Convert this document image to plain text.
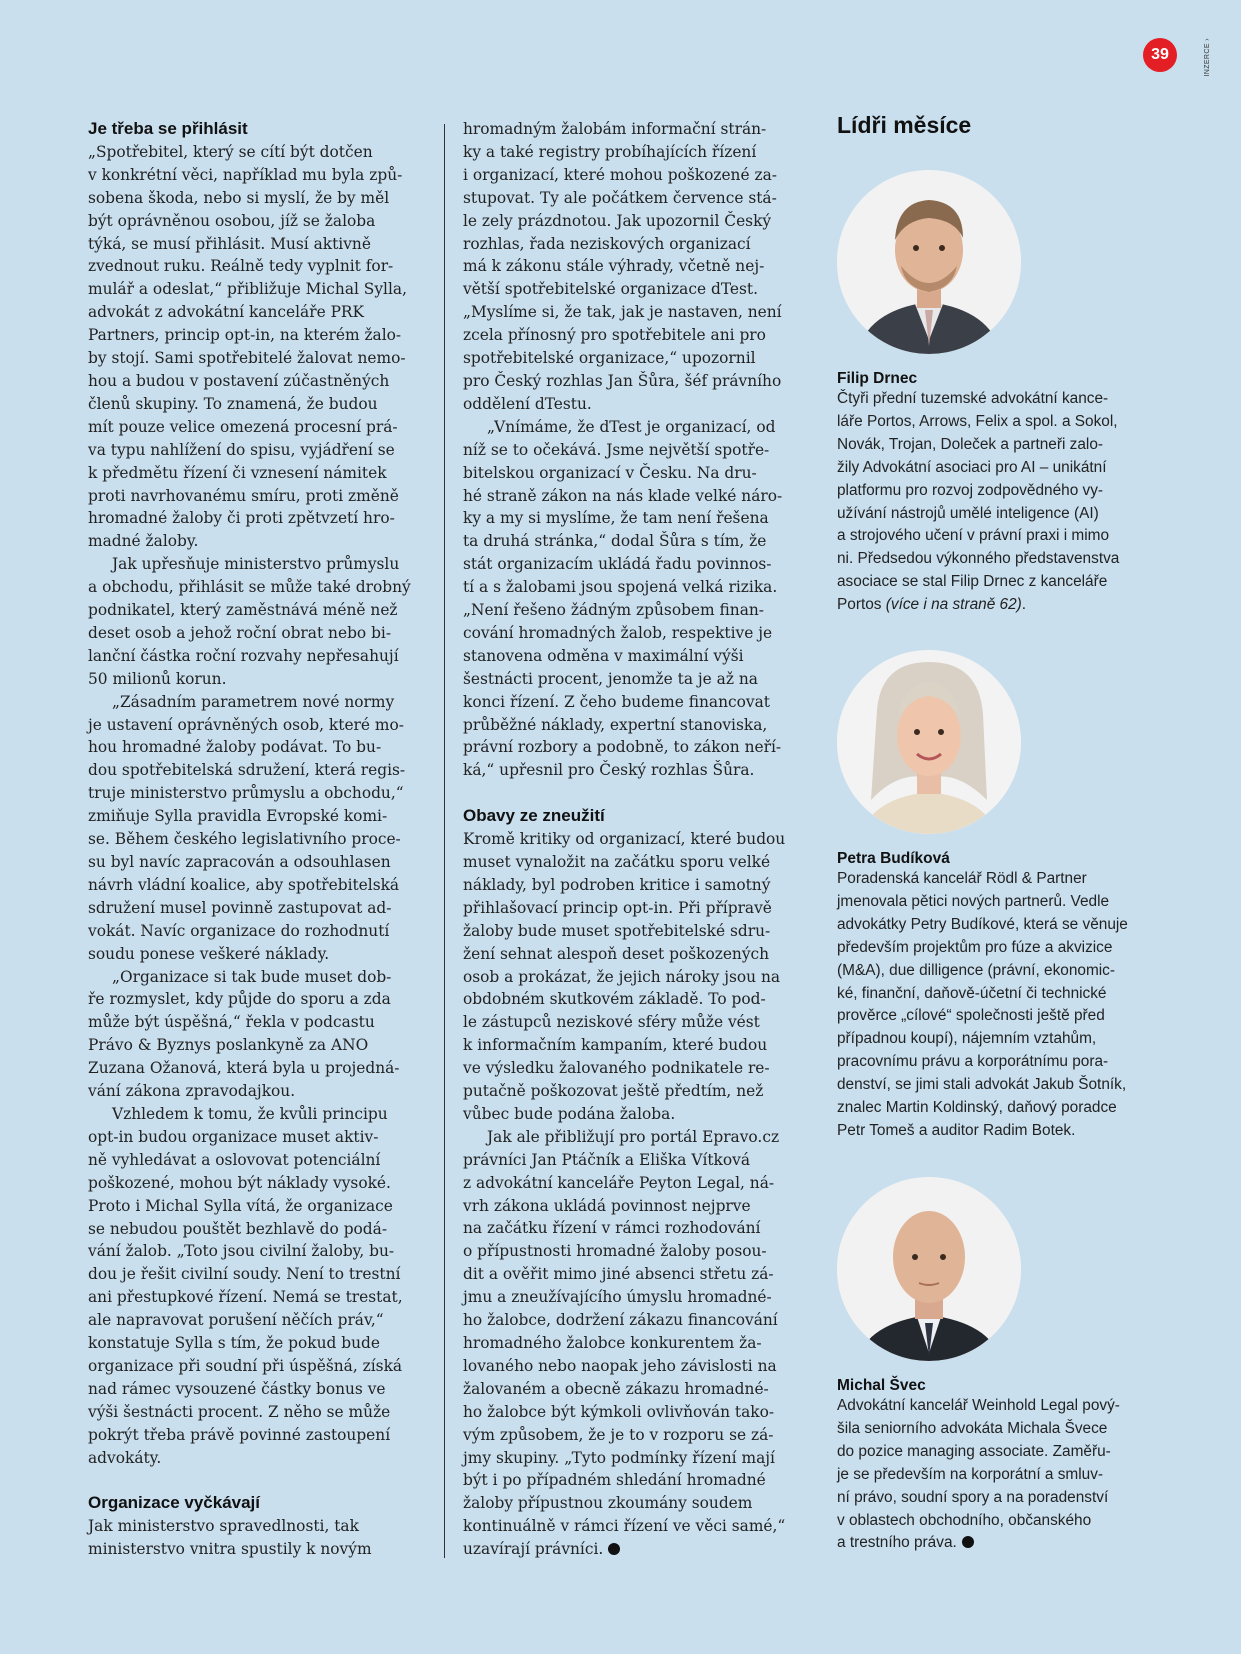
39	INZERCE ›
Je třeba se přihlásit
„Spotřebitel, který se cítí být dotčen
v konkrétní věci, například mu byla způ-
sobena škoda, nebo si myslí, že by měl
být oprávněnou osobou, jíž se žaloba
týká, se musí přihlásit. Musí aktivně
zvednout ruku. Reálně tedy vyplnit for-
mulář a odeslat,“ přibližuje Michal Sylla,
advokát z advokátní kanceláře PRK
Partners, princip opt-in, na kterém žalo-
by stojí. Sami spotřebitelé žalovat nemo-
hou a budou v postavení zúčastněných
členů skupiny. To znamená, že budou
mít pouze velice omezená procesní prá-
va typu nahlížení do spisu, vyjádření se
k předmětu řízení či vznesení námitek
proti navrhovanému smíru, proti změně
hromadné žaloby či proti zpětvzetí hro-
madné žaloby.
Jak upřesňuje ministerstvo průmyslu
a obchodu, přihlásit se může také drobný
podnikatel, který zaměstnává méně než
deset osob a jehož roční obrat nebo bi-
lanční částka roční rozvahy nepřesahují
50 milionů korun.
„Zásadním parametrem nové normy
je ustavení oprávněných osob, které mo-
hou hromadné žaloby podávat. To bu-
dou spotřebitelská sdružení, která regis-
truje ministerstvo průmyslu a obchodu,“
zmiňuje Sylla pravidla Evropské komi-
se. Během českého legislativního proce-
su byl navíc zapracován a odsouhlasen
návrh vládní koalice, aby spotřebitelská
sdružení musel povinně zastupovat ad-
vokát. Navíc organizace do rozhodnutí
soudu ponese veškeré náklady.
„Organizace si tak bude muset dob-
ře rozmyslet, kdy půjde do sporu a zda
může být úspěšná,“ řekla v podcastu
Právo & Byznys poslankyně za ANO
Zuzana Ožanová, která byla u projedná-
vání zákona zpravodajkou.
Vzhledem k tomu, že kvůli principu
opt-in budou organizace muset aktiv-
ně vyhledávat a oslovovat potenciální
poškozené, mohou být náklady vysoké.
Proto i Michal Sylla vítá, že organizace
se nebudou pouštět bezhlavě do podá-
vání žalob. „Toto jsou civilní žaloby, bu-
dou je řešit civilní soudy. Není to trestní
ani přestupkové řízení. Nemá se trestat,
ale napravovat porušení něčích práv,“
konstatuje Sylla s tím, že pokud bude
organizace při soudní při úspěšná, získá
nad rámec vysouzené částky bonus ve
výši šestnácti procent. Z něho se může
pokrýt třeba právě povinné zastoupení
advokáty.
Organizace vyčkávají
Jak ministerstvo spravedlnosti, tak
ministerstvo vnitra spustily k novým
hromadným žalobám informační strán-
ky a také registry probíhajících řízení
i organizací, které mohou poškozené za-
stupovat. Ty ale počátkem července stá-
le zely prázdnotou. Jak upozornil Český
rozhlas, řada neziskových organizací
má k zákonu stále výhrady, včetně nej-
větší spotřebitelské organizace dTest.
„Myslíme si, že tak, jak je nastaven, není
zcela přínosný pro spotřebitele ani pro
spotřebitelské organizace,“ upozornil
pro Český rozhlas Jan Šůra, šéf právního
oddělení dTestu.
„Vnímáme, že dTest je organizací, od
níž se to očekává. Jsme největší spotře-
bitelskou organizací v Česku. Na dru-
hé straně zákon na nás klade velké náro-
ky a my si myslíme, že tam není řešena
ta druhá stránka,“ dodal Šůra s tím, že
stát organizacím ukládá řadu povinnos-
tí a s žalobami jsou spojená velká rizika.
„Není řešeno žádným způsobem finan-
cování hromadných žalob, respektive je
stanovena odměna v maximální výši
šestnácti procent, jenomže ta je až na
konci řízení. Z čeho budeme financovat
průběžné náklady, expertní stanoviska,
právní rozbory a podobně, to zákon neří-
ká,“ upřesnil pro Český rozhlas Šůra.
Obavy ze zneužití
Kromě kritiky od organizací, které budou
muset vynaložit na začátku sporu velké
náklady, byl podroben kritice i samotný
přihlašovací princip opt-in. Při přípravě
žaloby bude muset spotřebitelské sdru-
žení sehnat alespoň deset poškozených
osob a prokázat, že jejich nároky jsou na
obdobném skutkovém základě. To pod-
le zástupců neziskové sféry může vést
k informačním kampaním, které budou
ve výsledku žalovaného podnikatele re-
putačně poškozovat ještě předtím, než
vůbec bude podána žaloba.
Jak ale přibližují pro portál Epravo.cz
právníci Jan Ptáčník a Eliška Vítková
z advokátní kanceláře Peyton Legal, ná-
vrh zákona ukládá povinnost nejprve
na začátku řízení v rámci rozhodování
o přípustnosti hromadné žaloby posou-
dit a ověřit mimo jiné absenci střetu zá-
jmu a zneužívajícího úmyslu hromadné-
ho žalobce, dodržení zákazu financování
hromadného žalobce konkurentem ža-
lovaného nebo naopak jeho závislosti na
žalovaném a obecně zákazu hromadné-
ho žalobce být kýmkoli ovlivňován tako-
vým způsobem, že je to v rozporu se zá-
jmy skupiny. „Tyto podmínky řízení mají
být i po případném shledání hromadné
žaloby přípustnou zkoumány soudem
kontinuálně v rámci řízení ve věci samé,“
uzavírají právníci.
Lídři měsíce
Filip Drnec
Čtyři přední tuzemské advokátní kance-
láře Portos, Arrows, Felix a spol. a Sokol,
Novák, Trojan, Doleček a partneři zalo-
žily Advokátní asociaci pro AI – unikátní
platformu pro rozvoj zodpovědného vy-
užívání nástrojů umělé inteligence (AI)
a strojového učení v právní praxi i mimo
ni. Předsedou výkonného představenstva
asociace se stal Filip Drnec z kanceláře
Portos (více i na straně 62).
Petra Budíková
Poradenská kancelář Rödl & Partner
jmenovala pětici nových partnerů. Vedle
advokátky Petry Budíkové, která se věnuje
především projektům pro fúze a akvizice
(M&A), due dilligence (právní, ekonomic-
ké, finanční, daňově-účetní či technické
prověrce „cílové“ společnosti ještě před
případnou koupí), nájemním vztahům,
pracovnímu právu a korporátnímu pora-
denství, se jimi stali advokát Jakub Šotník,
znalec Martin Koldinský, daňový poradce
Petr Tomeš a auditor Radim Botek.
Michal Švec
Advokátní kancelář Weinhold Legal pový-
šila seniorního advokáta Michala Švece
do pozice managing associate. Zaměřu-
je se především na korporátní a smluv-
ní právo, soudní spory a na poradenství
v oblastech obchodního, občanského
a trestního práva.
